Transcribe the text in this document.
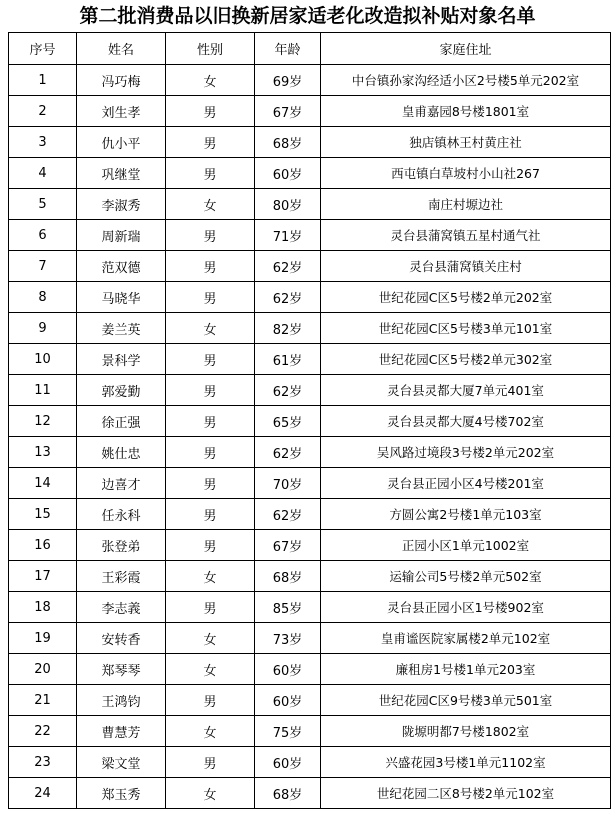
第二批消费品以旧换新居家适老化改造拟补贴对象名单
序号	姓名	性别	年龄	家庭住址
1	冯巧梅	女	69岁	中台镇孙家沟经适小区2号楼5单元202室
2	刘生孝	男	67岁	皇甫嘉园8号楼1801室
3	仇小平	男	68岁	独店镇林王村黄庄社
4	巩继堂	男	60岁	西屯镇白草坡村小山社267
5	李淑秀	女	80岁	南庄村塬边社
6	周新瑞	男	71岁	灵台县蒲窝镇五星村通气社
7	范双德	男	62岁	灵台县蒲窝镇关庄村
8	马晓华	男	62岁	世纪花园C区5号楼2单元202室
9	姜兰英	女	82岁	世纪花园C区5号楼3单元101室
10	景科学	男	61岁	世纪花园C区5号楼2单元302室
11	郭爱勤	男	62岁	灵台县灵都大厦7单元401室
12	徐正强	男	65岁	灵台县灵都大厦4号楼702室
13	姚仕忠	男	62岁	吴风路过境段3号楼2单元202室
14	边喜才	男	70岁	灵台县正园小区4号楼201室
15	任永科	男	62岁	方圆公寓2号楼1单元103室
16	张登弟	男	67岁	正园小区1单元1002室
17	王彩霞	女	68岁	运输公司5号楼2单元502室
18	李志義	男	85岁	灵台县正园小区1号楼902室
19	安转香	女	73岁	皇甫谧医院家属楼2单元102室
20	郑琴琴	女	60岁	廉租房1号楼1单元203室
21	王鸿钧	男	60岁	世纪花园C区9号楼3单元501室
22	曹慧芳	女	75岁	陇塬明都7号楼1802室
23	梁文堂	男	60岁	兴盛花园3号楼1单元1102室
24	郑玉秀	女	68岁	世纪花园二区8号楼2单元102室
